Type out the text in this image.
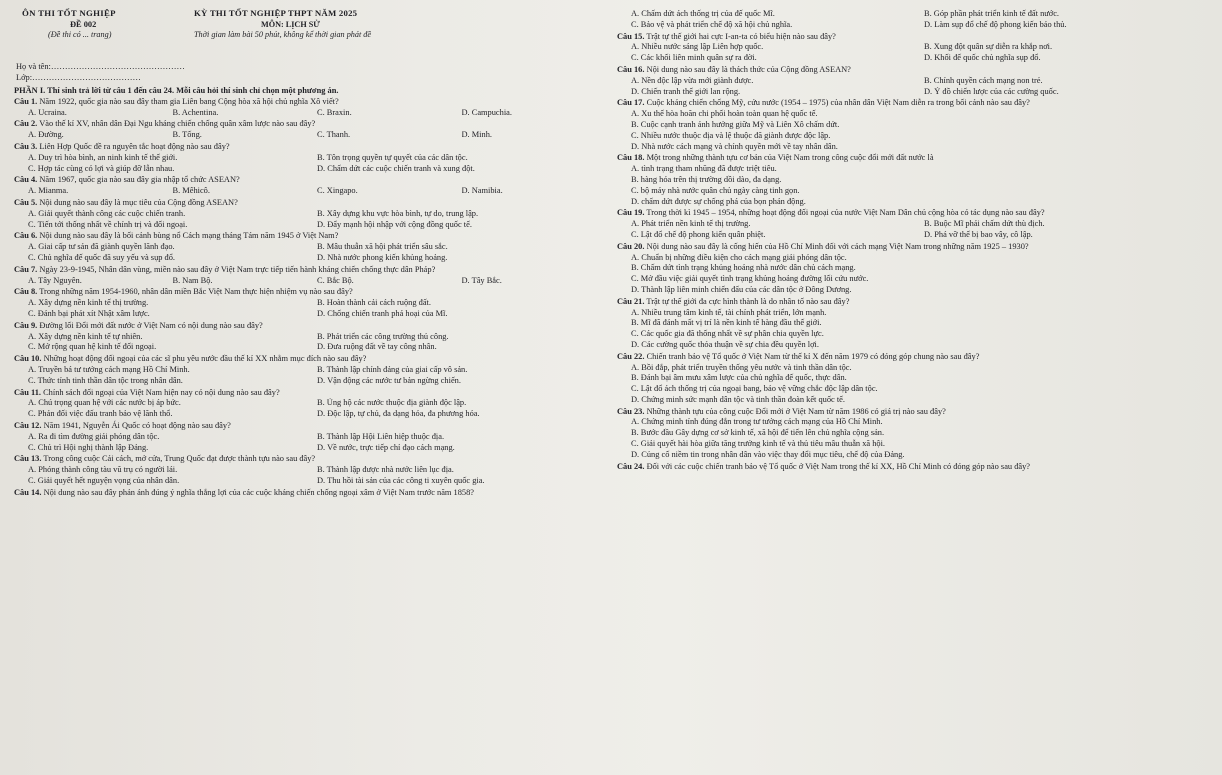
ÔN THI TỐT NGHIỆP
ĐỀ 002
(Đề thi có ... trang)
KỲ THI TỐT NGHIỆP THPT NĂM 2025
MÔN: LỊCH SỬ
Thời gian làm bài 50 phút, không kể thời gian phát đề
Họ và tên:…………………………………………
Lớp:…………………………………
PHẦN I. Thí sinh trả lời từ câu 1 đến câu 24. Mỗi câu hỏi thí sinh chỉ chọn một phương án.
Câu 1. Năm 1922, quốc gia nào sau đây tham gia Liên bang Cộng hòa xã hội chủ nghĩa Xô viết?
A. Ucraina.	B. Achentina.	C. Braxin.	D. Campuchia.
Câu 2. Vào thế kỉ XV, nhân dân Đại Ngu kháng chiến chống quân xâm lược nào sau đây?
A. Đường.	B. Tống.	C. Thanh.	D. Minh.
Câu 3. Liên Hợp Quốc đề ra nguyên tắc hoạt động nào sau đây?
A. Duy trì hòa bình, an ninh kinh tế thế giới.	B. Tôn trọng quyền tự quyết của các dân tộc.
C. Hợp tác cùng có lợi và giúp đỡ lẫn nhau.	D. Chấm dứt các cuộc chiến tranh và xung đột.
Câu 4. Năm 1967, quốc gia nào sau đây gia nhập tổ chức ASEAN?
A. Mianma.	B. Mêhicô.	C. Xingapo.	D. Namibia.
Câu 5. Nội dung nào sau đây là mục tiêu của Cộng đồng ASEAN?
A. Giải quyết thành công các cuộc chiến tranh.	B. Xây dựng khu vực hòa bình, tự do, trung lập.
C. Tiến tới thống nhất về chính trị và đối ngoại.	D. Đẩy mạnh hội nhập với cộng đồng quốc tế.
Câu 6. Nội dung nào sau đây là bối cảnh bùng nổ Cách mạng tháng Tám năm 1945 ở Việt Nam?
A. Giai cấp tư sản đã giành quyền lãnh đạo.	B. Mâu thuẫn xã hội phát triển sâu sắc.
C. Chủ nghĩa đế quốc đã suy yếu và sụp đổ.	D. Nhà nước phong kiến khủng hoảng.
Câu 7. Ngày 23-9-1945, Nhân dân vùng, miền nào sau đây ở Việt Nam trực tiếp tiến hành kháng chiến chống thực dân Pháp?
A. Tây Nguyên.	B. Nam Bộ.	C. Bắc Bộ.	D. Tây Bắc.
Câu 8. Trong những năm 1954-1960, nhân dân miền Bắc Việt Nam thực hiện nhiệm vụ nào sau đây?
A. Xây dựng nền kinh tế thị trường.	B. Hoàn thành cải cách ruộng đất.
C. Đánh bại phát xít Nhật xâm lược.	D. Chống chiến tranh phá hoại của Mĩ.
Câu 9. Đường lối Đổi mới đất nước ở Việt Nam có nội dung nào sau đây?
A. Xây dựng nền kinh tế tự nhiên.	B. Phát triển các công trường thủ công.
C. Mở rộng quan hệ kinh tế đối ngoại.	D. Đưa ruộng đất về tay công nhân.
Câu 10. Những hoạt động đối ngoại của các sĩ phu yêu nước đầu thế kỉ XX nhằm mục đích nào sau đây?
A. Truyền bá tư tưởng cách mạng Hồ Chí Minh.	B. Thành lập chính đảng của giai cấp vô sản.
C. Thức tỉnh tinh thần dân tộc trong nhân dân.	D. Vận động các nước tư bản ngừng chiến.
Câu 11. Chính sách đối ngoại của Việt Nam hiện nay có nội dung nào sau đây?
A. Chú trọng quan hệ với các nước bị áp bức.	B. Ủng hộ các nước thuộc địa giành độc lập.
C. Phản đối việc đấu tranh bảo vệ lãnh thổ.	D. Độc lập, tự chủ, đa dạng hóa, đa phương hóa.
Câu 12. Năm 1941, Nguyễn Ái Quốc có hoạt động nào sau đây?
A. Ra đi tìm đường giải phóng dân tộc.	B. Thành lập Hội Liên hiệp thuộc địa.
C. Chủ trì Hội nghị thành lập Đảng.	D. Về nước, trực tiếp chỉ đạo cách mạng.
Câu 13. Trong công cuộc Cải cách, mở cửa, Trung Quốc đạt được thành tựu nào sau đây?
A. Phóng thành công tàu vũ trụ có người lái.	B. Thành lập được nhà nước liên lục địa.
C. Giải quyết hết nguyện vọng của nhân dân.	D. Thu hồi tài sản của các công ti xuyên quốc gia.
Câu 14. Nội dung nào sau đây phản ánh đúng ý nghĩa thắng lợi của các cuộc kháng chiến chống ngoại xâm ở Việt Nam trước năm 1858?
A. Chấm dứt ách thống trị của đế quốc Mĩ.	B. Góp phần phát triển kinh tế đất nước.
C. Bảo vệ và phát triển chế độ xã hội chủ nghĩa.	D. Làm sụp đổ chế độ phong kiến bảo thủ.
Câu 15. Trật tự thế giới hai cực I-an-ta có biểu hiện nào sau đây?
A. Nhiều nước sáng lập Liên hợp quốc.	B. Xung đột quân sự diễn ra khắp nơi.
C. Các khối liên minh quân sự ra đời.	D. Khối đế quốc chủ nghĩa sụp đổ.
Câu 16. Nội dung nào sau đây là thách thức của Cộng đồng ASEAN?
A. Nền độc lập vừa mới giành được.	B. Chính quyền cách mạng non trẻ.
D. Chiến tranh thế giới lan rộng.	D. Ý đồ chiến lược của các cường quốc.
Câu 17. Cuộc kháng chiến chống Mỹ, cứu nước (1954 – 1975) của nhân dân Việt Nam diễn ra trong bối cảnh nào sau đây?
A. Xu thế hòa hoãn chi phối hoàn toàn quan hệ quốc tế.
B. Cuộc cạnh tranh ảnh hưởng giữa Mỹ và Liên Xô chấm dứt.
C. Nhiều nước thuộc địa và lệ thuộc đã giành được độc lập.
D. Nhà nước cách mạng và chính quyền mới về tay nhân dân.
Câu 18. Một trong những thành tựu cơ bản của Việt Nam trong công cuộc đổi mới đất nước là
A. tình trạng tham nhũng đã được triệt tiêu.
B. hàng hóa trên thị trường dồi dào, đa dạng.
C. bộ máy nhà nước quân chủ ngày càng tinh gọn.
D. chấm dứt được sự chống phá của bọn phản động.
Câu 19. Trong thời kì 1945 – 1954, những hoạt động đối ngoại của nước Việt Nam Dân chủ cộng hòa có tác dụng nào sau đây?
A. Phát triển nền kinh tế thị trường.	B. Buộc Mĩ phải chấm dứt thù địch.
C. Lật đổ chế độ phong kiến quân phiệt.	D. Phá vỡ thế bị bao vây, cô lập.
Câu 20. Nội dung nào sau đây là cống hiến của Hồ Chí Minh đối với cách mạng Việt Nam trong những năm 1925 – 1930?
A. Chuẩn bị những điều kiện cho cách mạng giải phóng dân tộc.
B. Chấm dứt tình trạng khủng hoảng nhà nước dân chủ cách mạng.
C. Mở đầu việc giải quyết tình trạng khủng hoảng đường lối cứu nước.
D. Thành lập liên minh chiến đấu của các dân tộc ở Đông Dương.
Câu 21. Trật tự thế giới đa cực hình thành là do nhân tố nào sau đây?
A. Nhiều trung tâm kinh tế, tài chính phát triển, lớn mạnh.
B. Mĩ đã đánh mất vị trí là nền kinh tế hàng đầu thế giới.
C. Các quốc gia đã thống nhất về sự phân chia quyền lực.
D. Các cường quốc thỏa thuận về sự chia đều quyền lợi.
Câu 22. Chiến tranh bảo vệ Tổ quốc ở Việt Nam từ thế kỉ X đến năm 1979 có đóng góp chung nào sau đây?
A. Bồi đắp, phát triển truyền thống yêu nước và tinh thần dân tộc.
B. Đánh bại âm mưu xâm lược của chủ nghĩa đế quốc, thực dân.
C. Lật đổ ách thống trị của ngoại bang, bảo vệ vững chắc độc lập dân tộc.
D. Chứng minh sức mạnh dân tộc và tinh thần đoàn kết quốc tế.
Câu 23. Những thành tựu của công cuộc Đổi mới ở Việt Nam từ năm 1986 có giá trị nào sau đây?
A. Chứng minh tính đúng đắn trong tư tưởng cách mạng của Hồ Chí Minh.
B. Bước đầu Gây dựng cơ sở kinh tế, xã hội để tiến lên chủ nghĩa cộng sản.
C. Giải quyết hài hòa giữa tăng trưởng kinh tế và thủ tiêu mâu thuẫn xã hội.
D. Củng cố niềm tin trong nhân dân vào việc thay đổi mục tiêu, chế độ của Đảng.
Câu 24. Đối với các cuộc chiến tranh bảo vệ Tổ quốc ở Việt Nam trong thế kỉ XX, Hồ Chí Minh có đóng góp nào sau đây?
